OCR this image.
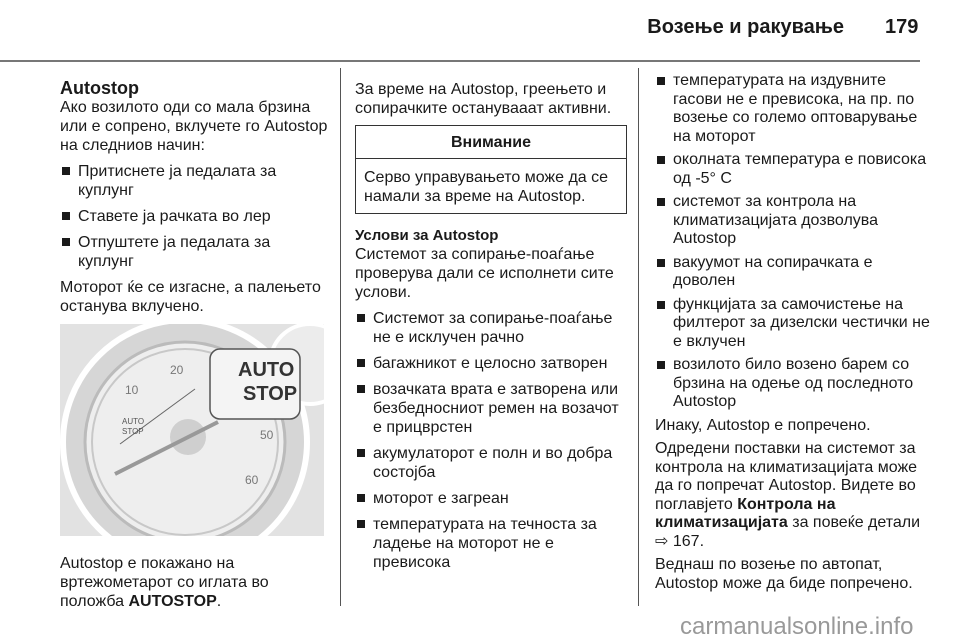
Возење и ракување 179
Autostop

Ако возилото оди со мала брзина или е сопрено, вклучете го Autostop на следниов начин:

Притиснете ја педалата за куплунг
Ставете ја рачката во лер
Отпуштете ја педалата за куплунг

Моторот ќе се изгасне, а палењето останува вклучено.

AUTO
STOP
10
20
50
60
AUTO
STOP

Autostop е покажано на вртежометарот со иглата во положба AUTOSTOP.

За време на Autostop, греењето и сопирачките останувааат активни.

Внимание
Серво управувањето може да се намали за време на Autostop.
Услови за Autostop

Системот за сопирање-поаѓање проверува дали се исполнети сите услови.

Системот за сопирање-поаѓање не е исклучен рачно
багажникот е целосно затворен
возачката врата е затворена или безбедносниот ремен на возачот е прицврстен
акумулаторот е полн и во добра состојба
моторот е загреан
температурата на течноста за ладење на моторот не е превисока
температурата на издувните гасови не е превисока, на пр. по возење со големо оптоварување на моторот
околната температура е повисока од -5° C
системот за контрола на климатизацијата дозволува Autostop
вакуумот на сопирачката е доволен
функцијата за самочистење на филтерот за дизелски честички не е вклучен
возилото било возено барем со брзина на одење од последното Autostop

Инаку, Autostop е попречено.

Одредени поставки на системот за контрола на климатизацијата може да го попречат Autostop. Видете во поглавјето Контрола на климатизацијата за повеќе детали ⇨ 167.

Веднаш по возење по автопат, Autostop може да биде попречено.

carmanualsonline.info
